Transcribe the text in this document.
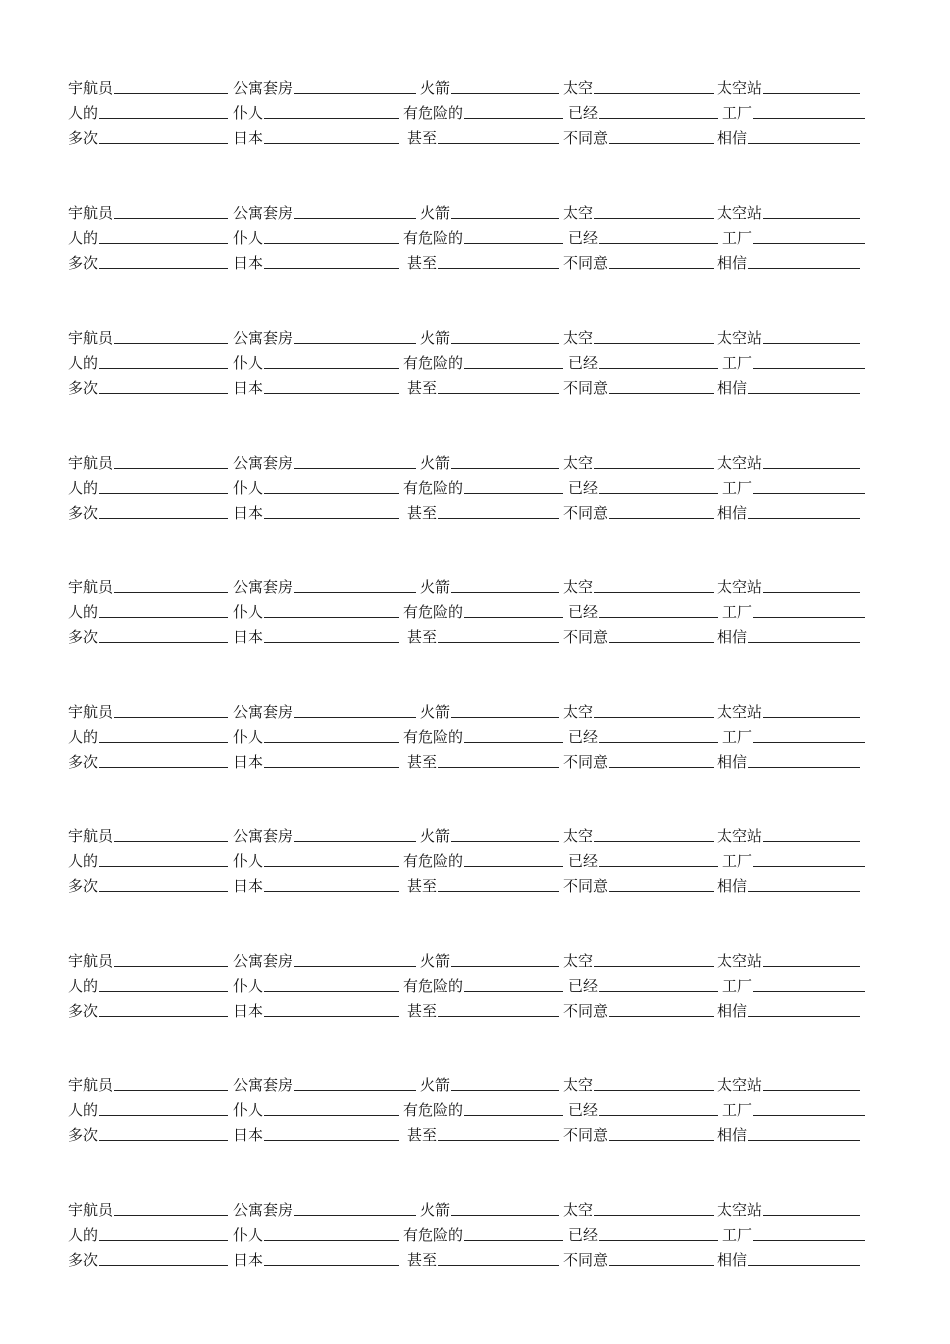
宇航员	公寓套房	火箭	太空	太空站
人的	仆人	有危险的	已经	工厂
多次	日本	甚至	不同意	相信
宇航员	公寓套房	火箭	太空	太空站
人的	仆人	有危险的	已经	工厂
多次	日本	甚至	不同意	相信
宇航员	公寓套房	火箭	太空	太空站
人的	仆人	有危险的	已经	工厂
多次	日本	甚至	不同意	相信
宇航员	公寓套房	火箭	太空	太空站
人的	仆人	有危险的	已经	工厂
多次	日本	甚至	不同意	相信
宇航员	公寓套房	火箭	太空	太空站
人的	仆人	有危险的	已经	工厂
多次	日本	甚至	不同意	相信
宇航员	公寓套房	火箭	太空	太空站
人的	仆人	有危险的	已经	工厂
多次	日本	甚至	不同意	相信
宇航员	公寓套房	火箭	太空	太空站
人的	仆人	有危险的	已经	工厂
多次	日本	甚至	不同意	相信
宇航员	公寓套房	火箭	太空	太空站
人的	仆人	有危险的	已经	工厂
多次	日本	甚至	不同意	相信
宇航员	公寓套房	火箭	太空	太空站
人的	仆人	有危险的	已经	工厂
多次	日本	甚至	不同意	相信
宇航员	公寓套房	火箭	太空	太空站
人的	仆人	有危险的	已经	工厂
多次	日本	甚至	不同意	相信
